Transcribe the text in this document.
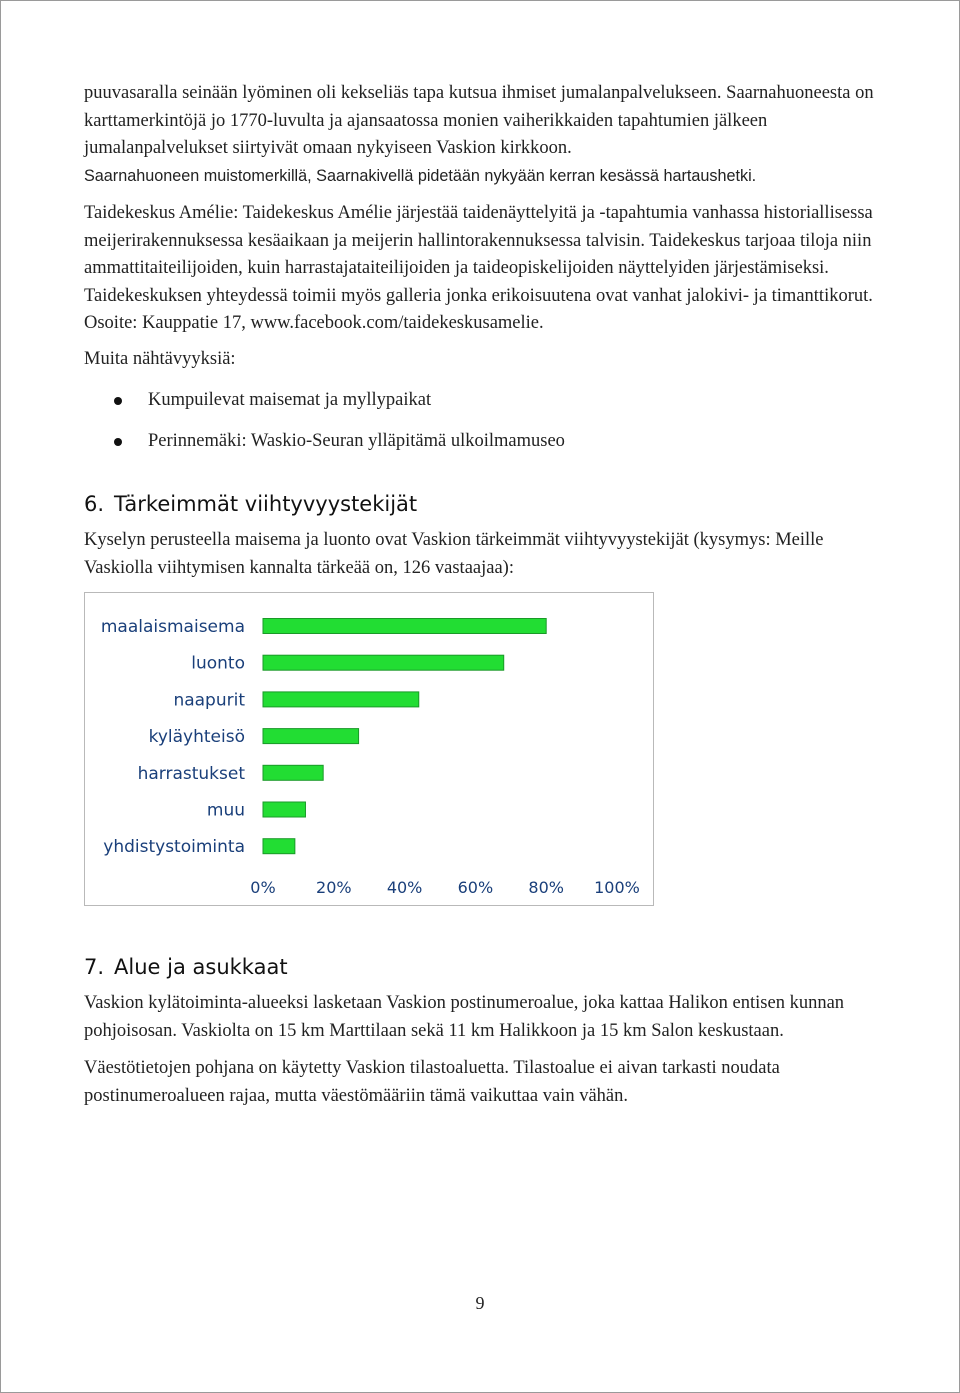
puuvasaralla seinään lyöminen oli kekseliäs tapa kutsua ihmiset jumalanpalvelukseen. Saarnahuoneesta on karttamerkintöjä jo 1770-luvulta ja ajansaatossa monien vaiherikkaiden tapahtumien jälkeen jumalanpalvelukset siirtyivät omaan nykyiseen Vaskion kirkkoon.

Saarnahuoneen muistomerkillä, Saarnakivellä pidetään nykyään kerran kesässä hartaushetki.

Taidekeskus Amélie: Taidekeskus Amélie järjestää taidenäyttelyitä ja -tapahtumia vanhassa historiallisessa meijerirakennuksessa kesäaikaan ja meijerin hallintorakennuksessa talvisin. Taidekeskus tarjoaa tiloja niin ammattitaiteilijoiden, kuin harrastajataiteilijoiden ja taideopiskelijoiden näyttelyiden järjestämiseksi. Taidekeskuksen yhteydessä toimii myös galleria jonka erikoisuutena ovat vanhat jalokivi- ja timanttikorut. Osoite: Kauppatie 17, www.facebook.com/taidekeskusamelie.

Muita nähtävyyksiä:

Kumpuilevat maisemat ja myllypaikat
Perinnemäki: Waskio-Seuran ylläpitämä ulkoilmamuseo
6. Tärkeimmät viihtyvyystekijät

Kyselyn perusteella maisema ja luonto ovat Vaskion tärkeimmät viihtyvyystekijät (kysymys: Meille Vaskiolla viihtymisen kannalta tärkeää on, 126 vastaajaa):

maalaismaisema
luonto
naapurit
kyläyhteisö
harrastukset
muu
yhdistystoiminta
0%	20% 40% 60% 80% 100%
7. Alue ja asukkaat

Vaskion kylätoiminta-alueeksi lasketaan Vaskion postinumeroalue, joka kattaa Halikon entisen kunnan pohjoisosan. Vaskiolta on 15 km Marttilaan sekä 11 km Halikkoon ja 15 km Salon keskustaan.

Väestötietojen pohjana on käytetty Vaskion tilastoaluetta. Tilastoalue ei aivan tarkasti noudata postinumeroalueen rajaa, mutta väestömääriin tämä vaikuttaa vain vähän.

9
